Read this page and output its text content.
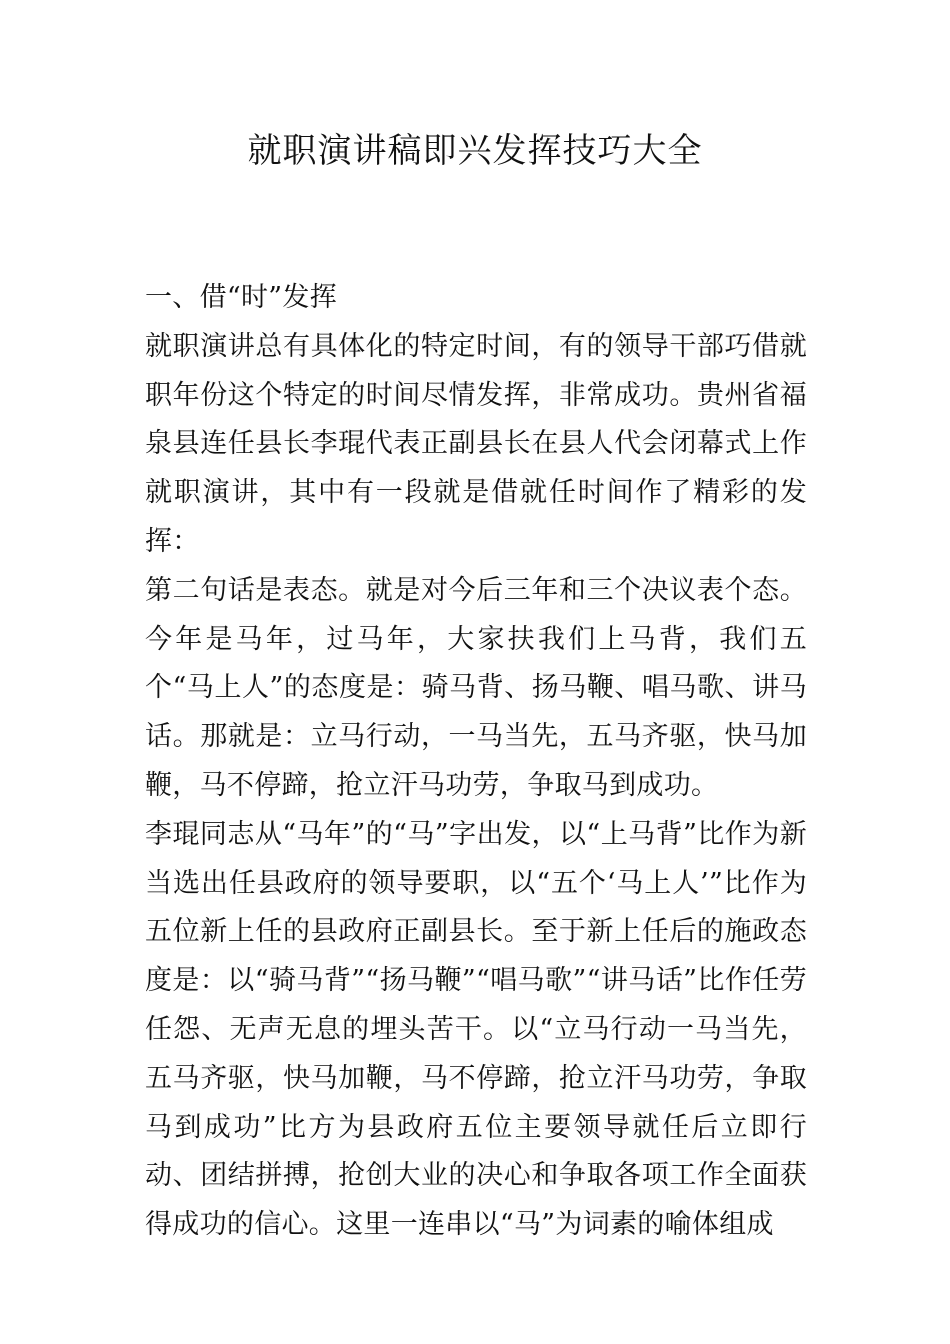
就职演讲稿即兴发挥技巧大全

一、借“时”发挥

就职演讲总有具体化的特定时间，有的领导干部巧借就职年份这个特定的时间尽情发挥，非常成功。贵州省福泉县连任县长李琨代表正副县长在县人代会闭幕式上作就职演讲，其中有一段就是借就任时间作了精彩的发挥：

第二句话是表态。就是对今后三年和三个决议表个态。今年是马年，过马年，大家扶我们上马背，我们五个“马上人”的态度是：骑马背、扬马鞭、唱马歌、讲马话。那就是：立马行动，一马当先，五马齐驱，快马加鞭，马不停蹄，抢立汗马功劳，争取马到成功。

李琨同志从“马年”的“马”字出发，以“上马背”比作为新当选出任县政府的领导要职，以“五个‘马上人’”比作为五位新上任的县政府正副县长。至于新上任后的施政态度是：以“骑马背”“扬马鞭”“唱马歌”“讲马话”比作任劳任怨、无声无息的埋头苦干。以“立马行动一马当先，五马齐驱，快马加鞭，马不停蹄，抢立汗马功劳，争取马到成功”比方为县政府五位主要领导就任后立即行动、团结拼搏，抢创大业的决心和争取各项工作全面获得成功的信心。这里一连串以“马”为词素的喻体组成
